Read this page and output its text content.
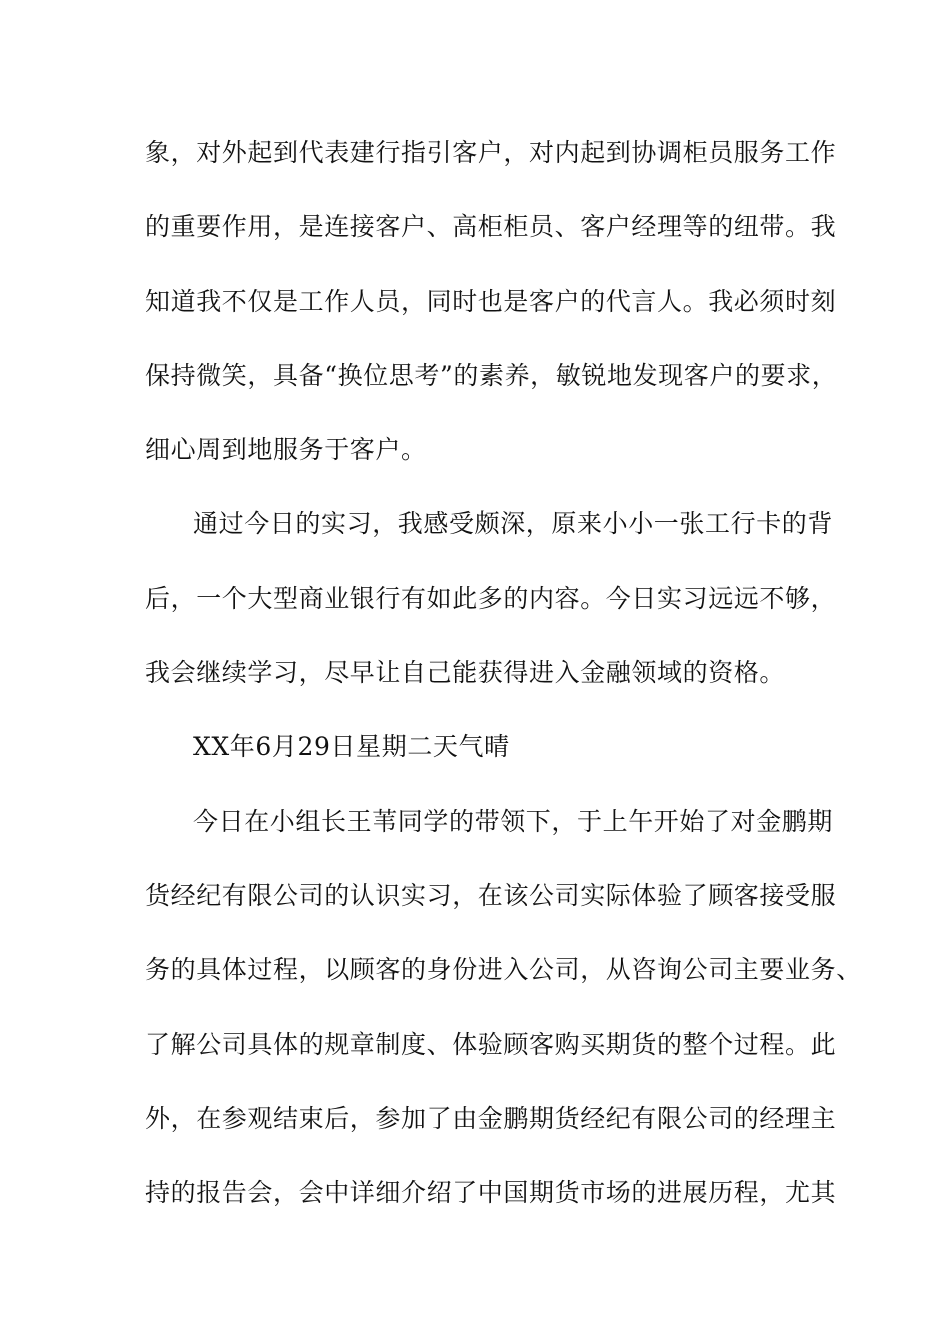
象，对外起到代表建行指引客户，对内起到协调柜员服务工作
的重要作用，是连接客户、高柜柜员、客户经理等的纽带。我
知道我不仅是工作人员，同时也是客户的代言人。我必须时刻
保持微笑，具备“换位思考”的素养，敏锐地发现客户的要求，
细心周到地服务于客户。
通过今日的实习，我感受颇深，原来小小一张工行卡的背
后，一个大型商业银行有如此多的内容。今日实习远远不够，
我会继续学习，尽早让自己能获得进入金融领域的资格。
XX年6月29日星期二天气晴
今日在小组长王苇同学的带领下，于上午开始了对金鹏期
货经纪有限公司的认识实习，在该公司实际体验了顾客接受服
务的具体过程，以顾客的身份进入公司，从咨询公司主要业务、
了解公司具体的规章制度、体验顾客购买期货的整个过程。此
外，在参观结束后，参加了由金鹏期货经纪有限公司的经理主
持的报告会，会中详细介绍了中国期货市场的进展历程，尤其
